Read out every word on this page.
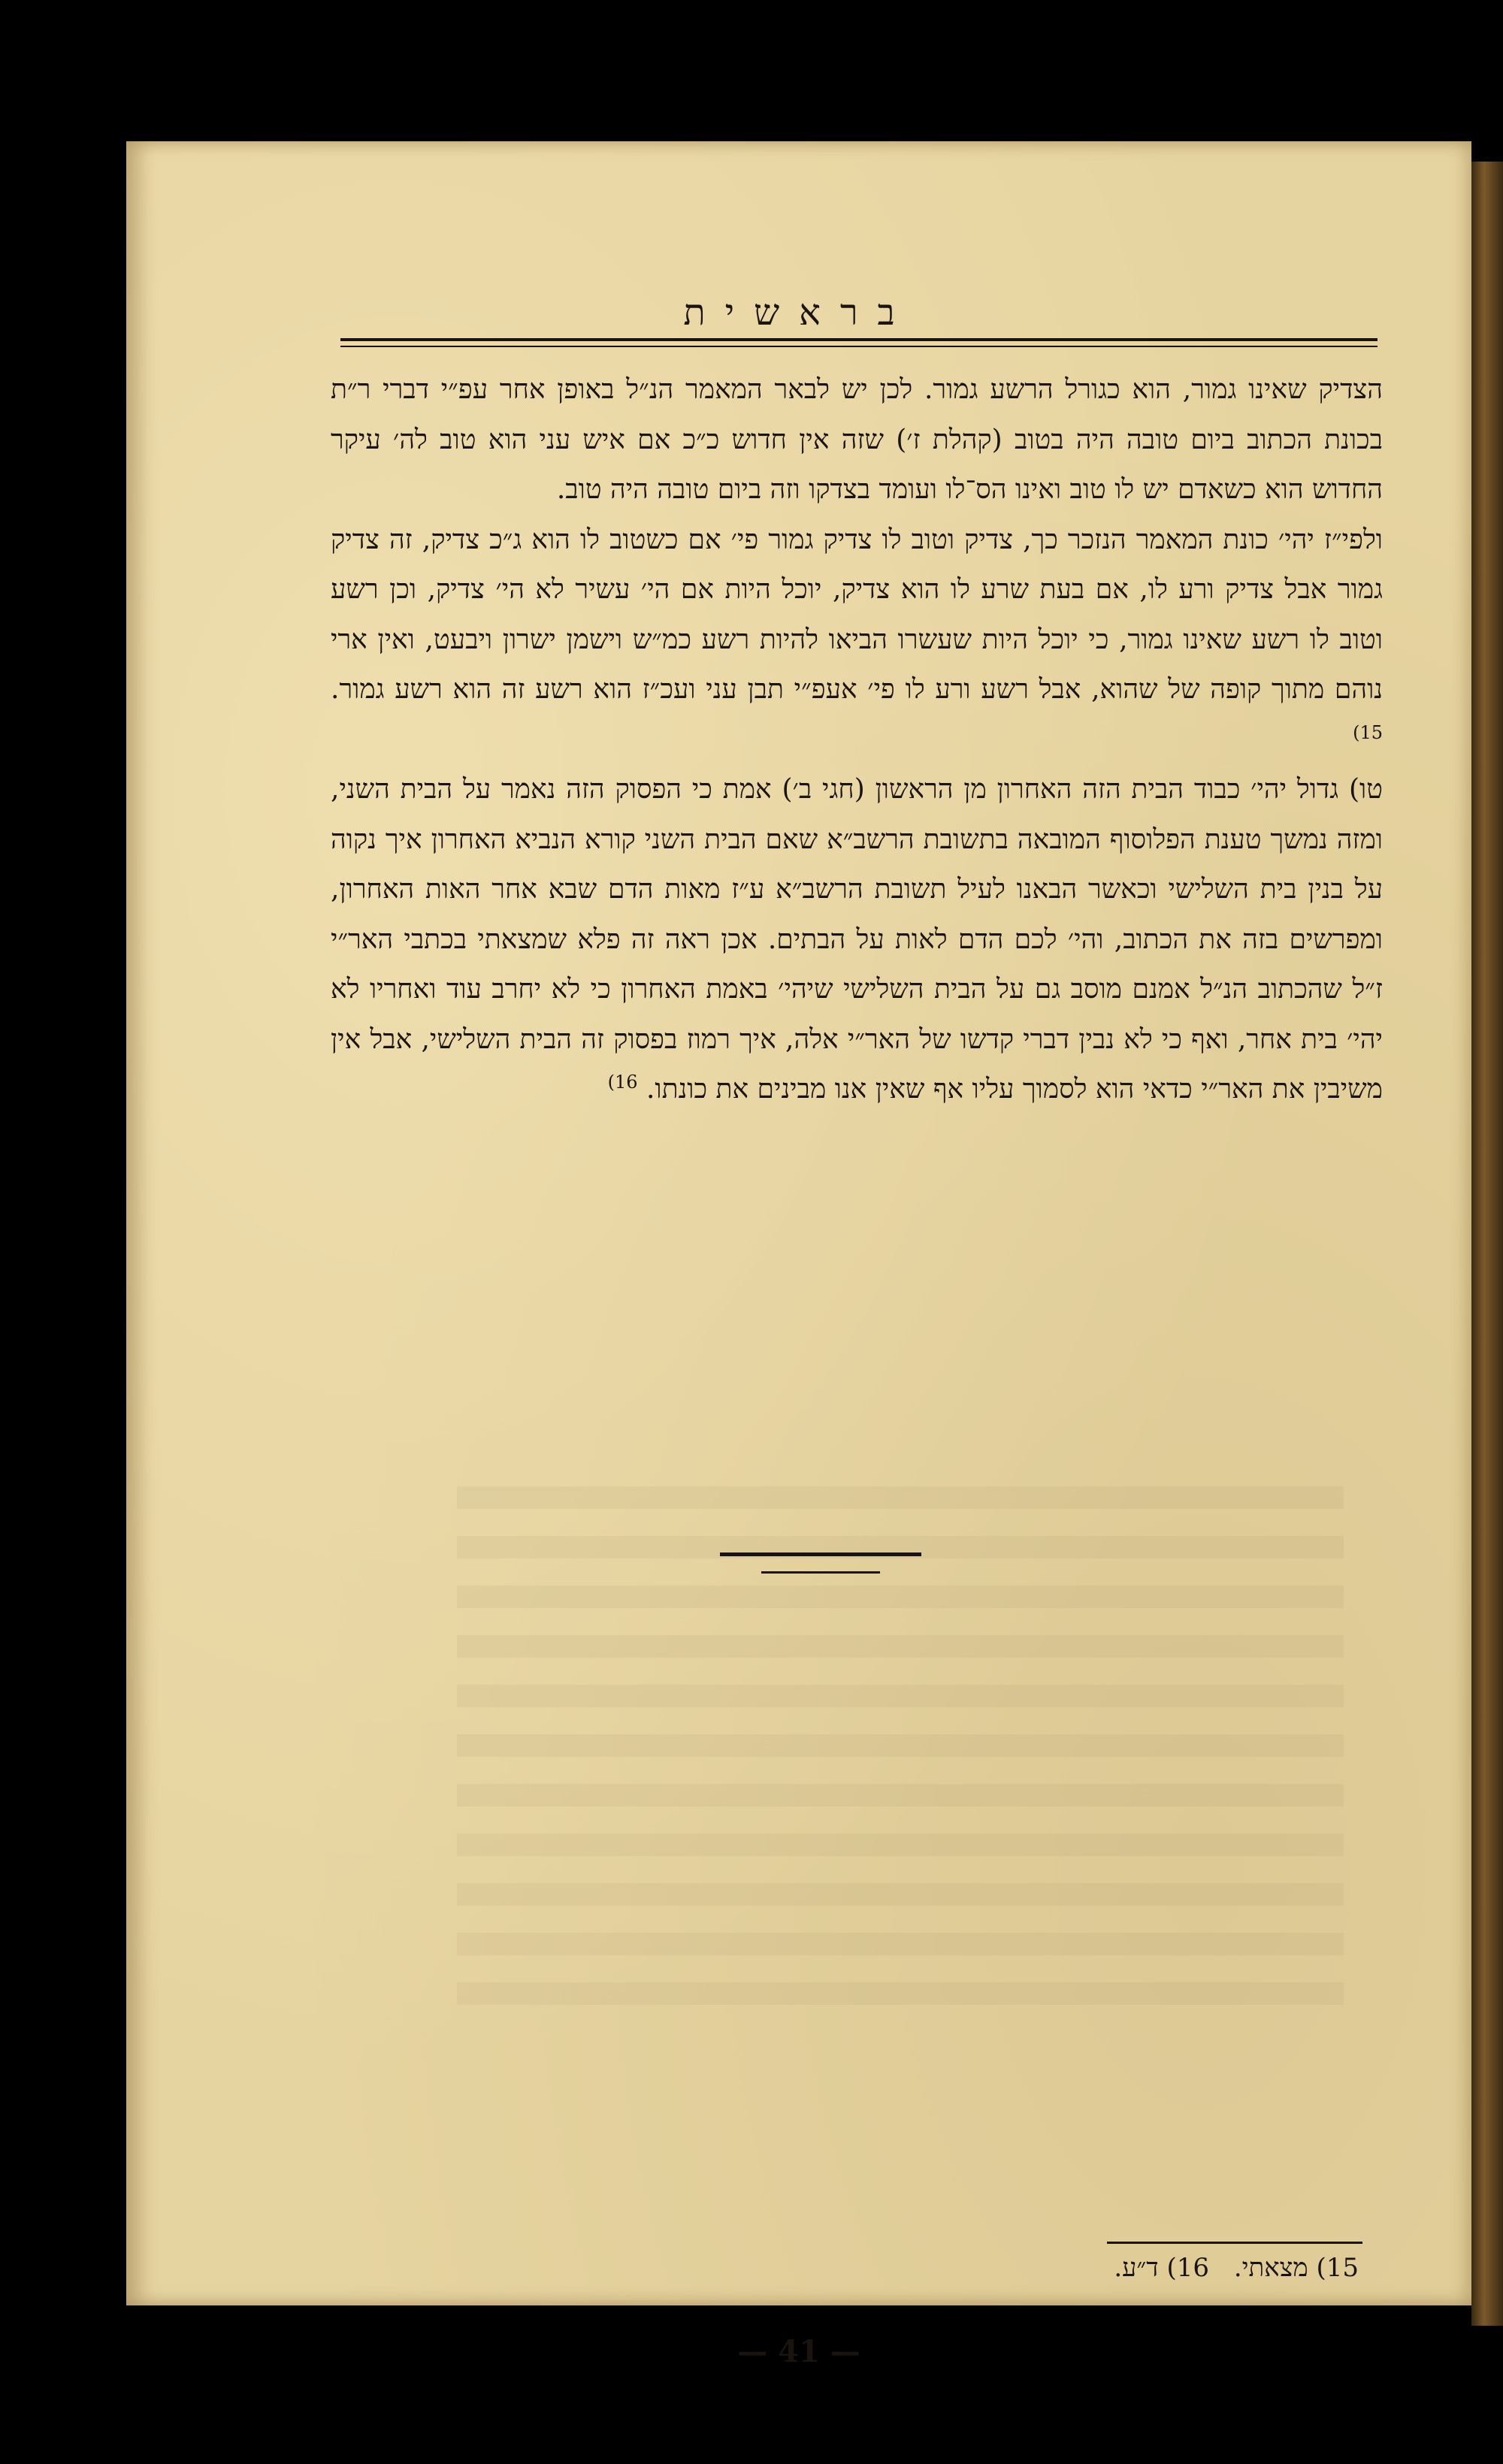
בראשית

הצדיק שאינו גמור, הוא כגורל הרשע גמור. לכן יש לבאר המאמר הנ״ל באופן אחר עפ״י דברי ר״ת בכונת הכתוב ביום טובה היה בטוב (קהלת ז׳) שזה אין חדוש כ״כ אם איש עני הוא טוב לה׳ עיקר החדוש הוא כשאדם יש לו טוב ואינו הס־לו ועומד בצדקו וזה ביום טובה היה טוב.

ולפי״ז יהי׳ כונת המאמר הנזכר כך, צדיק וטוב לו צדיק גמור פי׳ אם כשטוב לו הוא ג״כ צדיק, זה צדיק גמור אבל צדיק ורע לו, אם בעת שרע לו הוא צדיק, יוכל היות אם הי׳ עשיר לא הי׳ צדיק, וכן רשע וטוב לו רשע שאינו גמור, כי יוכל היות שעשרו הביאו להיות רשע כמ״ש וישמן ישרון ויבעט, ואין ארי נוהם מתוך קופה של שהוא, אבל רשע ורע לו פי׳ אעפ״י תבן עני ועכ״ז הוא רשע זה הוא רשע גמור. $^{15)}$

טו) גדול יהי׳ כבוד הבית הזה האחרון מן הראשון (חגי ב׳) אמת כי הפסוק הזה נאמר על הבית השני, ומזה נמשך טענת הפלוסוף המובאה בתשובת הרשב״א שאם הבית השני קורא הנביא האחרון איך נקוה על בנין בית השלישי וכאשר הבאנו לעיל תשובת הרשב״א ע״ז מאות הדם שבא אחר האות האחרון, ומפרשים בזה את הכתוב, והי׳ לכם הדם לאות על הבתים. אכן ראה זה פלא שמצאתי בכתבי האר״י ז״ל שהכתוב הנ״ל אמנם מוסב גם על הבית השלישי שיהי׳ באמת האחרון כי לא יחרב עוד ואחריו לא יהי׳ בית אחר, ואף כי לא נבין דברי קדשו של האר״י אלה, איך רמוז בפסוק זה הבית השלישי, אבל אין משיבין את האר״י כדאי הוא לסמוך עליו אף שאין אנו מבינים את כונתו. $^{16)}$

15) מצאתי. 16) ד״ע.
— 41 —
